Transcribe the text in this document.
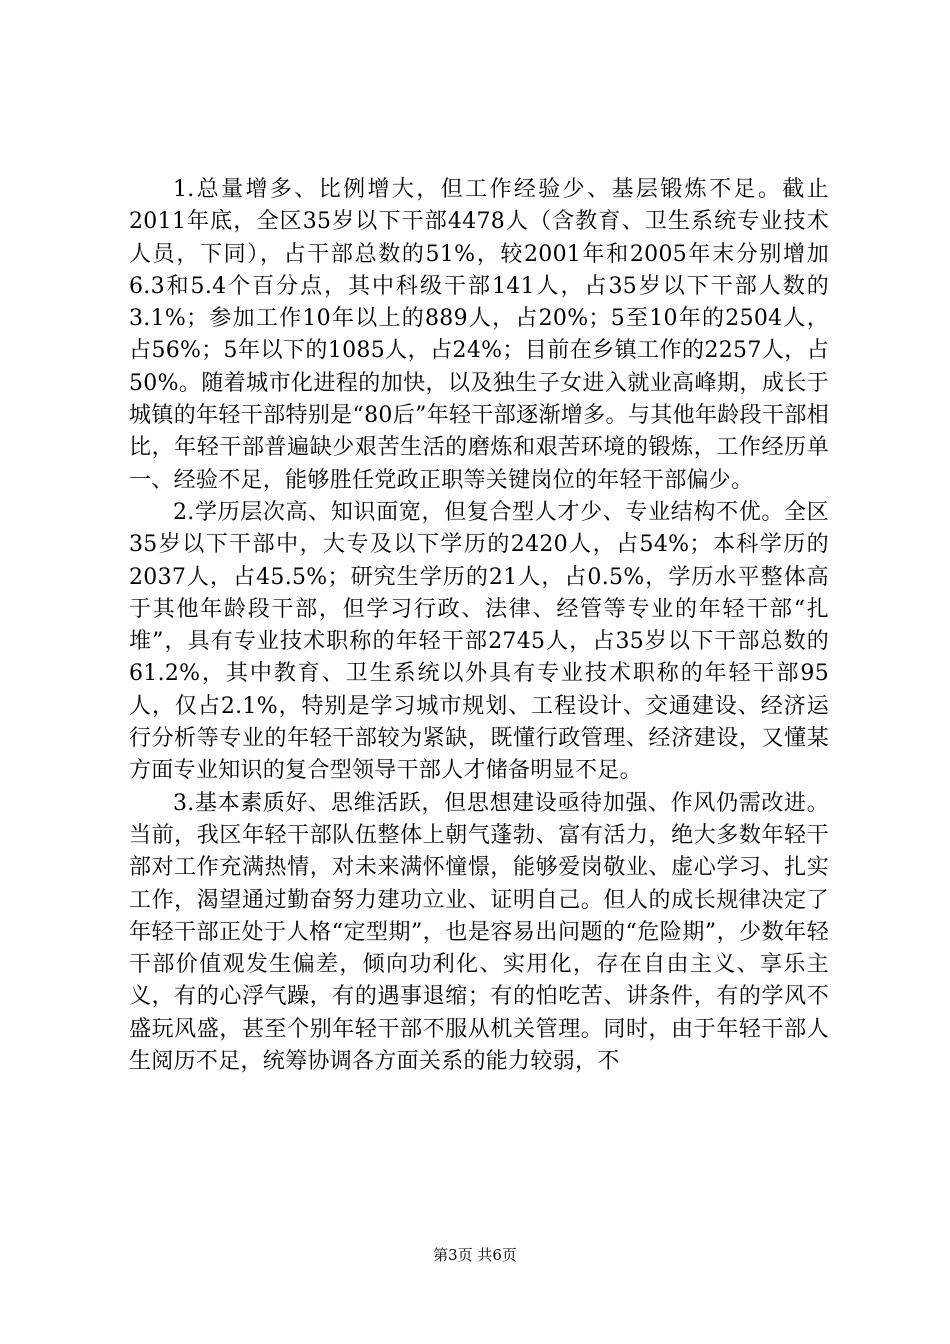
1.总量增多、比例增大，但工作经验少、基层锻炼不足。截止2011年底，全区35岁以下干部4478人（含教育、卫生系统专业技术人员，下同），占干部总数的51%，较2001年和2005年末分别增加6.3和5.4个百分点，其中科级干部141人，占35岁以下干部人数的3.1%；参加工作10年以上的889人，占20%；5至10年的2504人，占56%；5年以下的1085人，占24%；目前在乡镇工作的2257人，占50%。随着城市化进程的加快，以及独生子女进入就业高峰期，成长于城镇的年轻干部特别是“80后”年轻干部逐渐增多。与其他年龄段干部相比，年轻干部普遍缺少艰苦生活的磨炼和艰苦环境的锻炼，工作经历单一、经验不足，能够胜任党政正职等关键岗位的年轻干部偏少。

2.学历层次高、知识面宽，但复合型人才少、专业结构不优。全区35岁以下干部中，大专及以下学历的2420人，占54%；本科学历的2037人，占45.5%；研究生学历的21人，占0.5%，学历水平整体高于其他年龄段干部，但学习行政、法律、经管等专业的年轻干部“扎堆”，具有专业技术职称的年轻干部2745人，占35岁以下干部总数的61.2%，其中教育、卫生系统以外具有专业技术职称的年轻干部95人，仅占2.1%，特别是学习城市规划、工程设计、交通建设、经济运行分析等专业的年轻干部较为紧缺，既懂行政管理、经济建设，又懂某方面专业知识的复合型领导干部人才储备明显不足。

3.基本素质好、思维活跃，但思想建设亟待加强、作风仍需改进。当前，我区年轻干部队伍整体上朝气蓬勃、富有活力，绝大多数年轻干部对工作充满热情，对未来满怀憧憬，能够爱岗敬业、虚心学习、扎实工作，渴望通过勤奋努力建功立业、证明自己。但人的成长规律决定了年轻干部正处于人格“定型期”，也是容易出问题的“危险期”，少数年轻干部价值观发生偏差，倾向功利化、实用化，存在自由主义、享乐主义，有的心浮气躁，有的遇事退缩；有的怕吃苦、讲条件，有的学风不盛玩风盛，甚至个别年轻干部不服从机关管理。同时，由于年轻干部人生阅历不足，统筹协调各方面关系的能力较弱，不

第3页 共6页
